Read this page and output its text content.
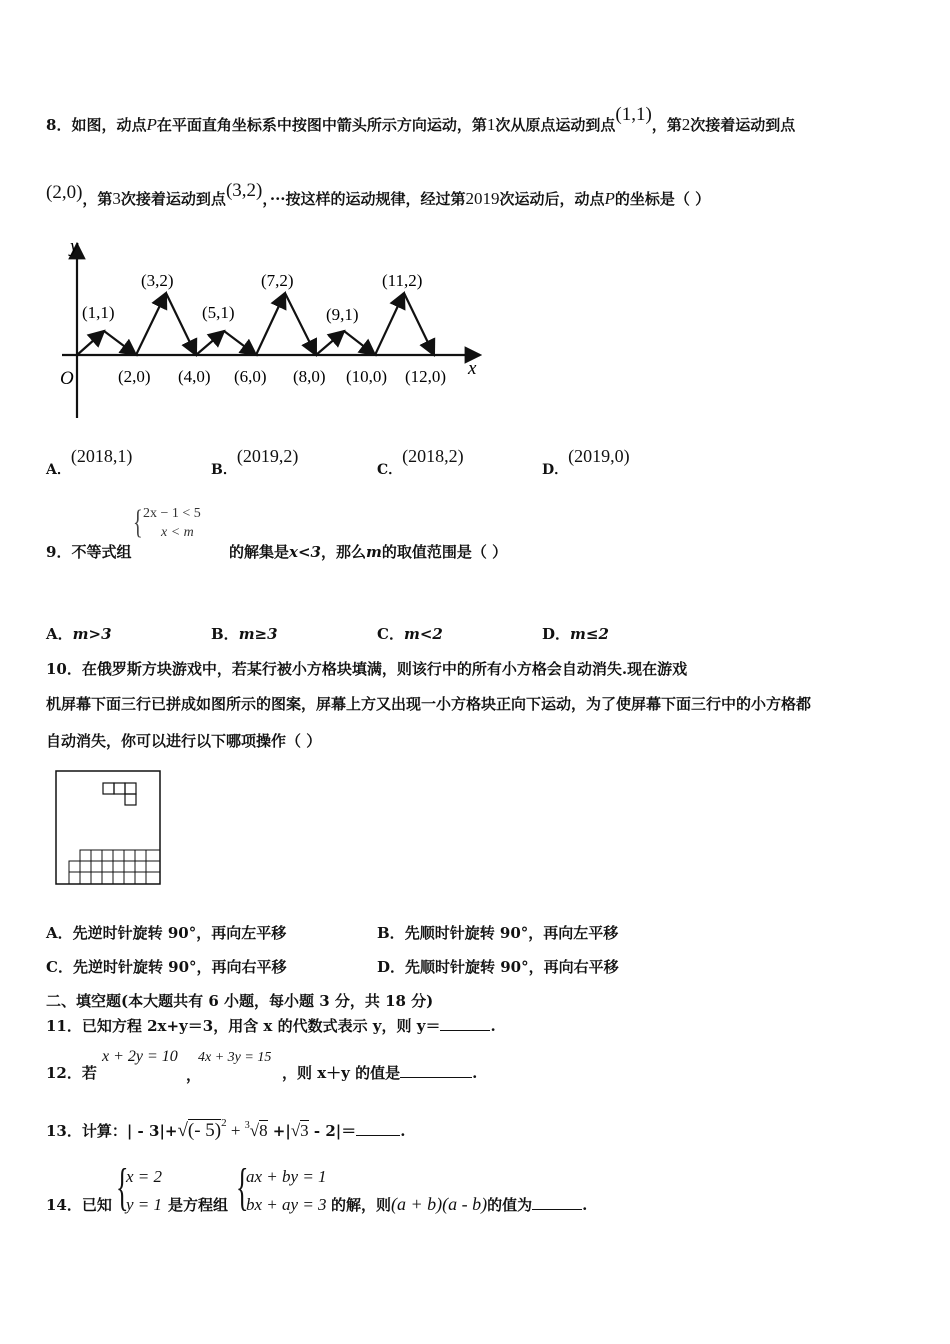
8．如图，动点P在平面直角坐标系中按图中箭头所示方向运动，第1次从原点运动到点(1,1)，第2次接着运动到点
(2,0)，第3次接着运动到点(3,2)，···按这样的运动规律，经过第2019次运动后，动点P的坐标是（ ）
y
x
O
(1,1)
(3,2)
(5,1)
(7,2)
(9,1)
(11,2)
(2,0) (4,0) (6,0) (8,0) (10,0) (12,0)
A．(2018,1)
B．(2019,2)
C．(2018,2)
D．(2019,0)
9．不等式组
{ 2x − 1 < 5
x < m
的解集是x<3，那么m的取值范围是（ ）
A．m>3	B．m≥3	C．m<2	D．m≤2
10．在俄罗斯方块游戏中，若某行被小方格块填满，则该行中的所有小方格会自动消失.现在游戏
机屏幕下面三行已拼成如图所示的图案，屏幕上方又出现一小方格块正向下运动，为了使屏幕下面三行中的小方格都
自动消失，你可以进行以下哪项操作（ ）
A．先逆时针旋转 90°，再向左平移	B．先顺时针旋转 90°，再向左平移
C．先逆时针旋转 90°，再向右平移	D．先顺时针旋转 90°，再向右平移
二、填空题(本大题共有 6 小题，每小题 3 分，共 18 分)
11．已知方程 2x+y＝3，用含 x 的代数式表示 y，则 y＝	.
12．若
x + 2y = 10
，
4x + 3y = 15
，则 x＋y 的值是	.
13．计算：| - 3|+√(- 5)$^2$ + $^3$√8 +|√3 - 2|＝	.
14．已知 {
x = 2
y = 1 是方程组 {
ax + by = 1
bx + ay = 3 的解，则(a + b)(a - b)的值为	.
